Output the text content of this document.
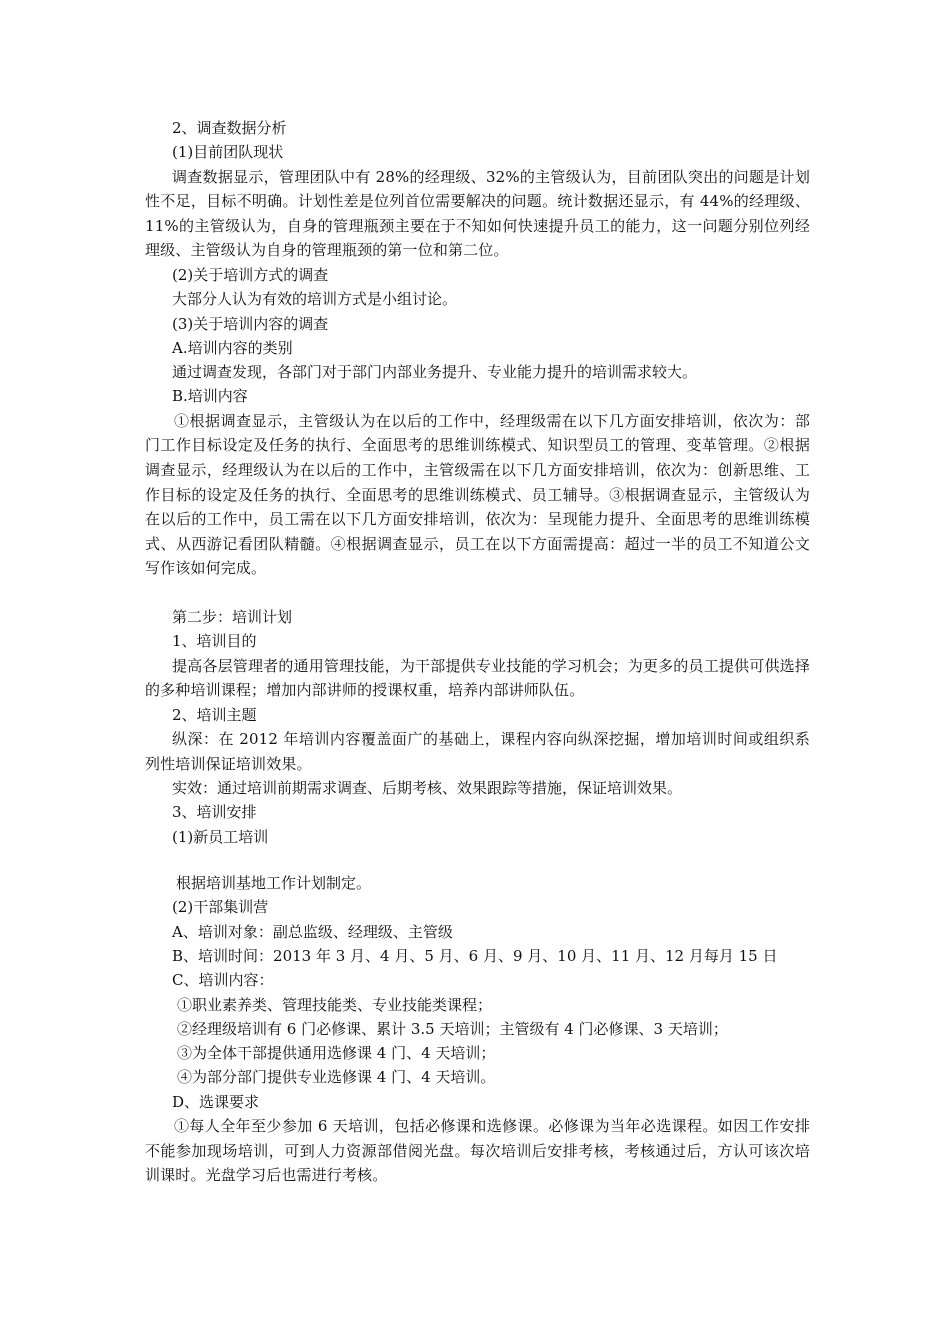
2、调查数据分析
(1)目前团队现状
调查数据显示，管理团队中有 28%的经理级、32%的主管级认为，目前团队突出的问题是计划性不足，目标不明确。计划性差是位列首位需要解决的问题。统计数据还显示，有 44%的经理级、11%的主管级认为，自身的管理瓶颈主要在于不知如何快速提升员工的能力，这一问题分别位列经理级、主管级认为自身的管理瓶颈的第一位和第二位。
(2)关于培训方式的调查
大部分人认为有效的培训方式是小组讨论。
(3)关于培训内容的调查
A.培训内容的类别
通过调查发现，各部门对于部门内部业务提升、专业能力提升的培训需求较大。
B.培训内容
①根据调查显示，主管级认为在以后的工作中，经理级需在以下几方面安排培训，依次为：部门工作目标设定及任务的执行、全面思考的思维训练模式、知识型员工的管理、变革管理。②根据调查显示，经理级认为在以后的工作中，主管级需在以下几方面安排培训，依次为：创新思维、工作目标的设定及任务的执行、全面思考的思维训练模式、员工辅导。③根据调查显示，主管级认为在以后的工作中，员工需在以下几方面安排培训，依次为：呈现能力提升、全面思考的思维训练模式、从西游记看团队精髓。④根据调查显示，员工在以下方面需提高：超过一半的员工不知道公文写作该如何完成。
第二步：培训计划
1、培训目的
提高各层管理者的通用管理技能，为干部提供专业技能的学习机会；为更多的员工提供可供选择的多种培训课程；增加内部讲师的授课权重，培养内部讲师队伍。
2、培训主题
纵深：在 2012 年培训内容覆盖面广的基础上，课程内容向纵深挖掘，增加培训时间或组织系列性培训保证培训效果。
实效：通过培训前期需求调查、后期考核、效果跟踪等措施，保证培训效果。
3、培训安排
(1)新员工培训
根据培训基地工作计划制定。
(2)干部集训营
A、培训对象：副总监级、经理级、主管级
B、培训时间：2013 年 3 月、4 月、5 月、6 月、9 月、10 月、11 月、12 月每月 15 日
C、培训内容：
①职业素养类、管理技能类、专业技能类课程；
②经理级培训有 6 门必修课、累计 3.5 天培训；主管级有 4 门必修课、3 天培训；
③为全体干部提供通用选修课 4 门、4 天培训；
④为部分部门提供专业选修课 4 门、4 天培训。
D、选课要求
①每人全年至少参加 6 天培训，包括必修课和选修课。必修课为当年必选课程。如因工作安排不能参加现场培训，可到人力资源部借阅光盘。每次培训后安排考核，考核通过后，方认可该次培训课时。光盘学习后也需进行考核。
